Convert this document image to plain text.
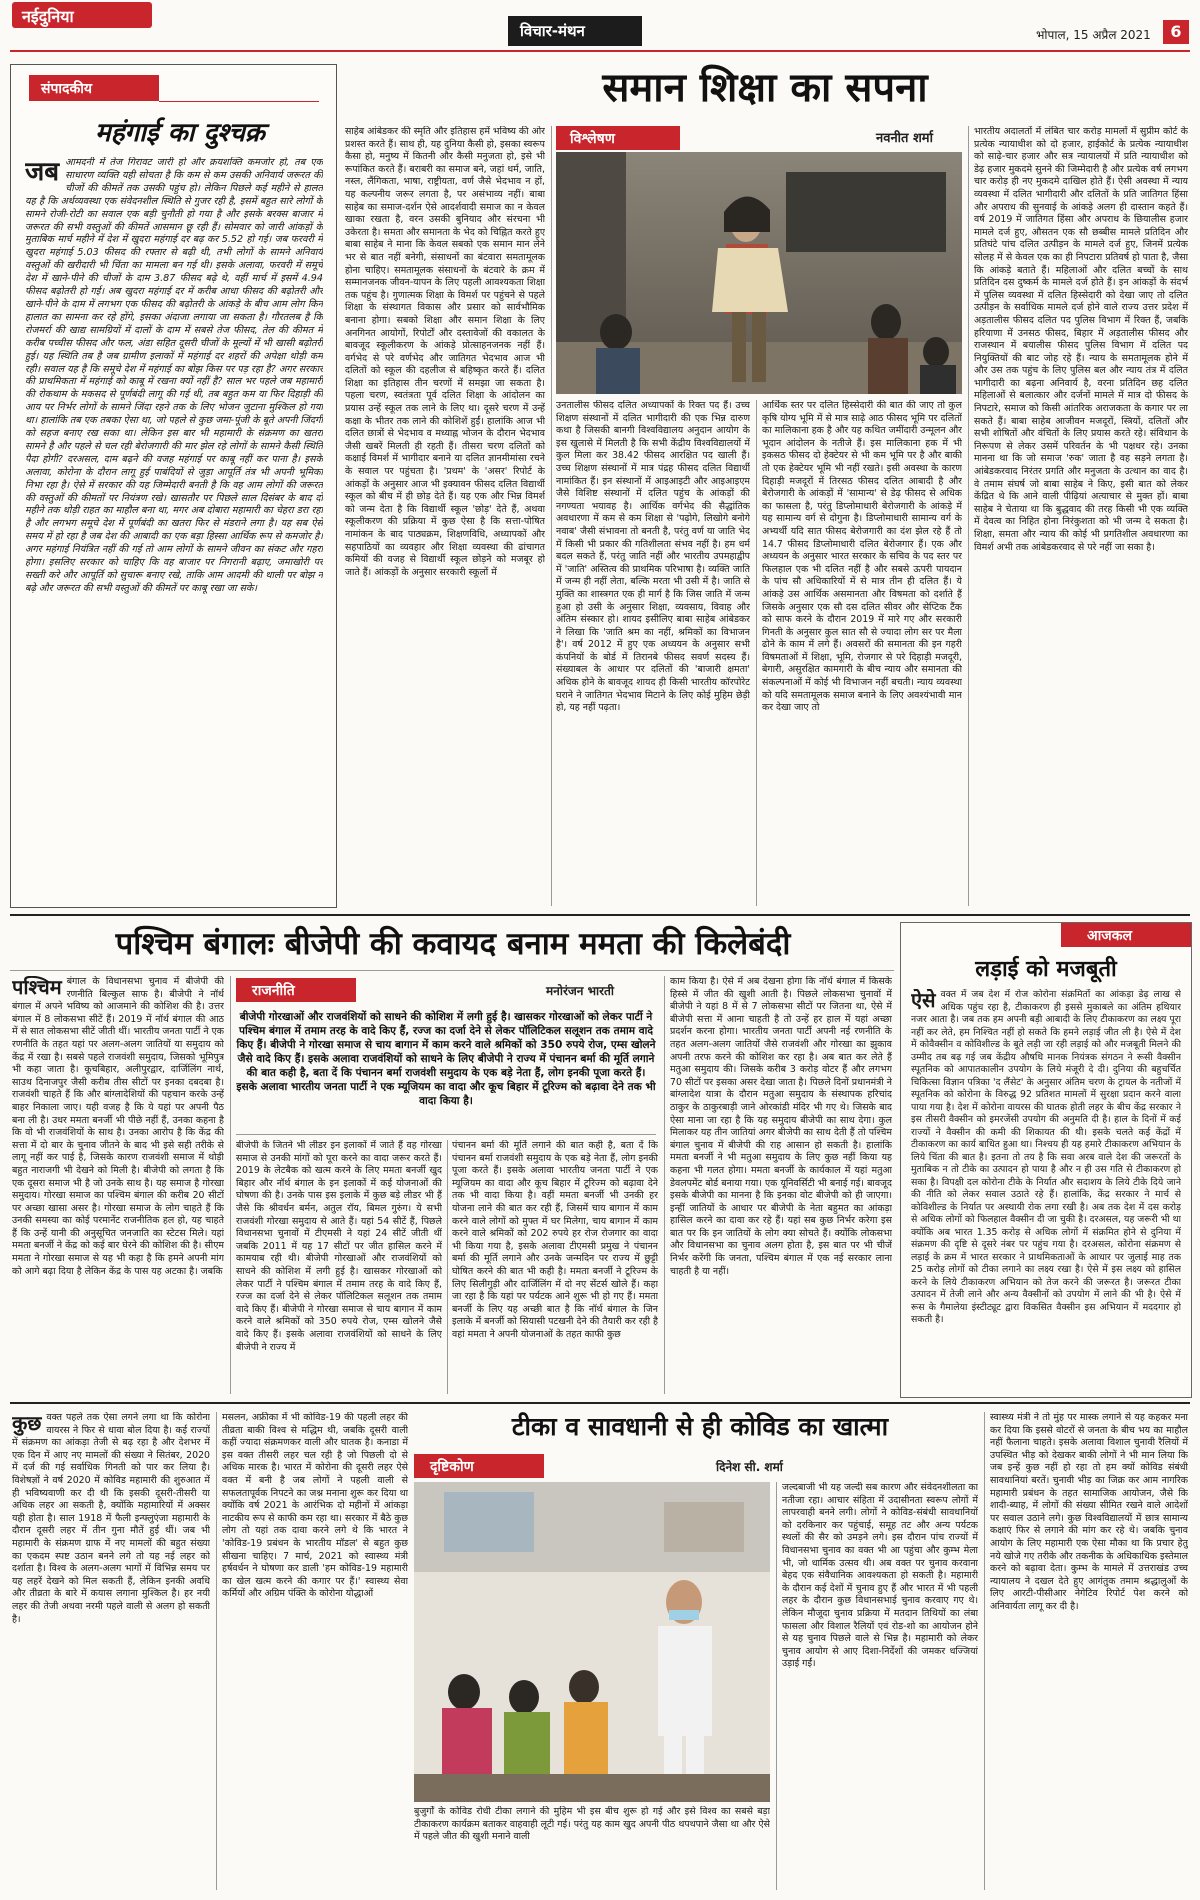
नईदुनिया
विचार-मंथन	भोपाल, 15 अप्रैल 2021	6
संपादकीय
महंगाई का दुश्चक्र
जब आमदनी में तेज गिरावट जारी हो और क्रयशक्ति कमजोर हो, तब एक साधारण व्यक्ति यही सोचता है कि कम से कम उसकी अनिवार्य जरूरत की चीजों की कीमतें तक उसकी पहुंच हो। लेकिन पिछले कई महीने से हालत यह है कि अर्थव्यवस्था एक संवेदनशील स्थिति से गुजर रही है, इसमें बहुत सारे लोगों के सामने रोजी-रोटी का सवाल एक बड़ी चुनौती हो गया है और इसके बरक्स बाजार में जरूरत की सभी वस्तुओं की कीमतें आसमान छू रही हैं। सोमवार को जारी आंकड़ों के मुताबिक मार्च महीने में देश में खुदरा महंगाई दर बढ़ कर 5.52 हो गई। जब फरवरी में खुदरा महंगाई 5.03 फीसद की रफ्तार से बढ़ी थी, तभी लोगों के सामने अनिवार्य वस्तुओं की खरीदारी भी चिंता का मामला बन गई थी। इसके अलावा, फरवरी में समूचे देश में खाने-पीने की चीजों के दाम 3.87 फीसद बढ़े थे, वहीं मार्च में इसमें 4.94 फीसद बढ़ोतरी हो गई। अब खुदरा महंगाई दर में करीब आधा फीसद की बढ़ोतरी और खाने-पीने के दाम में लगभग एक फीसद की बढ़ोतरी के आंकड़े के बीच आम लोग किन हालात का सामना कर रहे होंगे, इसका अंदाजा लगाया जा सकता है। गौरतलब है कि रोजमर्रा की खाद्य सामग्रियों में दालों के दाम में सबसे तेज फीसद, तेल की कीमत में करीब पच्चीस फीसद और फल, अंडा सहित दूसरी चीजों के मूल्यों में भी खासी बढ़ोतरी हुई। यह स्थिति तब है जब ग्रामीण इलाकों में महंगाई दर शहरों की अपेक्षा थोड़ी कम रही। सवाल यह है कि समूचे देश में महंगाई का बोझ किस पर पड़ रहा है? अगर सरकार की प्राथमिकता में महंगाई को काबू में रखना क्यों नहीं है? साल भर पहले जब महामारी की रोकथाम के मकसद से पूर्णबंदी लागू की गई थी, तब बहुत कम या फिर दिहाड़ी की आय पर निर्भर लोगों के सामने जिंदा रहने तक के लिए भोजन जुटाना मुश्किल हो गया था। हालांकि तब एक तबका ऐसा था, जो पहले से कुछ जमा-पूंजी के बूते अपनी जिंदगी को सहज बनाए रख सका था। लेकिन इस बार भी महामारी के संक्रमण का खतरा सामने है और पहले से चल रही बेरोजगारी की मार झेल रहे लोगों के सामने कैसी स्थिति पैदा होगी? दरअसल, दाम बढ़ने की वजह महंगाई पर काबू नहीं कर पाना है। इसके अलावा, कोरोना के दौरान लागू हुई पाबंदियों से जुड़ा आपूर्ति तंत्र भी अपनी भूमिका निभा रहा है। ऐसे में सरकार की यह जिम्मेदारी बनती है कि वह आम लोगों की जरूरत की वस्तुओं की कीमतों पर नियंत्रण रखे। खासतौर पर पिछले साल दिसंबर के बाद दो महीने तक थोड़ी राहत का माहौल बना था, मगर अब दोबारा महामारी का चेहरा डरा रहा है और लगभग समूचे देश में पूर्णबंदी का खतरा फिर से मंडराने लगा है। यह सब ऐसे समय में हो रहा है जब देश की आबादी का एक बड़ा हिस्सा आर्थिक रूप से कमजोर है। अगर महंगाई नियंत्रित नहीं की गई तो आम लोगों के सामने जीवन का संकट और गहरा होगा। इसलिए सरकार को चाहिए कि वह बाजार पर निगरानी बढ़ाए, जमाखोरी पर सख्ती करे और आपूर्ति को सुचारू बनाए रखे, ताकि आम आदमी की थाली पर बोझ न बढ़े और जरूरत की सभी वस्तुओं की कीमतें पर काबू रखा जा सके।
समान शिक्षा का सपना
विश्लेषण	नवनीत शर्मा
साहेब आंबेडकर की स्मृति और इतिहास हमें भविष्य की ओर प्रशस्त करते हैं। साथ ही, यह दुनिया कैसी हो, इसका स्वरूप कैसा हो, मनुष्य में कितनी और कैसी मनुजता हो, इसे भी रूपांकित करते हैं। बराबरी का समाज बने, जहां धर्म, जाति, नस्ल, लैंगिकता, भाषा, राष्ट्रीयता, वर्ण जैसे भेदभाव न हों, यह कल्पनीय जरूर लगता है, पर असंभाव्य नहीं। बाबा साहेब का समाज-दर्शन ऐसे आदर्शवादी समाज का न केवल खाका रखता है, वरन उसकी बुनियाद और संरचना भी उकेरता है। समता और समानता के भेद को चिह्नित करते हुए बाबा साहेब ने माना कि केवल सबको एक समान मान लेने भर से बात नहीं बनेगी, संसाधनों का बंटवारा समतामूलक होना चाहिए। समतामूलक संसाधनों के बंटवारे के क्रम में सम्मानजनक जीवन-यापन के लिए पहली आवश्यकता शिक्षा तक पहुंच है। गुणात्मक शिक्षा के विमर्श पर पहुंचने से पहले शिक्षा के संस्थागत विकास और प्रसार को सार्वभौमिक बनाना होगा। सबको शिक्षा और समान शिक्षा के लिए अनगिनत आयोगों, रिपोर्टों और दस्तावेजों की वकालत के बावजूद स्कूलीकरण के आंकड़े प्रोत्साहनजनक नहीं हैं। वर्गभेद से परे वर्णभेद और जातिगत भेदभाव आज भी दलितों को स्कूल की दहलीज से बहिष्कृत करते हैं। दलित शिक्षा का इतिहास तीन चरणों में समझा जा सकता है। पहला चरण, स्वतंत्रता पूर्व दलित शिक्षा के आंदोलन का प्रयास उन्हें स्कूल तक लाने के लिए था। दूसरे चरण में उन्हें कक्षा के भीतर तक लाने की कोशिशें हुईं। हालांकि आज भी दलित छात्रों से भेदभाव व मध्याह्न भोजन के दौरान भेदभाव जैसी खबरें मिलती ही रहती हैं। तीसरा चरण दलितों को कक्षाई विमर्श में भागीदार बनाने या दलित ज्ञानमीमांसा रचने के सवाल पर पहुंचता है। 'प्रथम' के 'असर' रिपोर्ट के आंकड़ों के अनुसार आज भी इक्यावन फीसद दलित विद्यार्थी स्कूल को बीच में ही छोड़ देते हैं। यह एक और भिन्न विमर्श को जन्म देता है कि विद्यार्थी स्कूल 'छोड़' देते हैं, अथवा स्कूलीकरण की प्रक्रिया में कुछ ऐसा है कि सत्ता-पोषित नामांकन के बाद पाठ्यक्रम, शिक्षणविधि, अध्यापकों और सहपाठियों का व्यवहार और शिक्षा व्यवस्था की ढांचागत कमियों की वजह से विद्यार्थी स्कूल छोड़ने को मजबूर हो जाते हैं। आंकड़ों के अनुसार सरकारी स्कूलों में
उनतालीस फीसद दलित अध्यापकों के रिक्त पद हैं। उच्च शिक्षण संस्थानों में दलित भागीदारी की एक भिन्न दारुण कथा है जिसकी बानगी विश्वविद्यालय अनुदान आयोग के इस खुलासे में मिलती है कि सभी केंद्रीय विश्वविद्यालयों में कुल मिला कर 38.42 फीसद आरक्षित पद खाली हैं। उच्च शिक्षण संस्थानों में मात्र पंद्रह फीसद दलित विद्यार्थी नामांकित हैं। इन संस्थानों में आइआइटी और आइआइएम जैसे विशिष्ट संस्थानों में दलित पहुंच के आंकड़ों की नगण्यता भयावह है। आर्थिक वर्गभेद की सैद्धांतिक अवधारणा में कम से कम शिक्षा से 'पढ़ोगे, लिखोगे बनोगे नवाब' जैसी संभावना तो बनती है, परंतु वर्ण या जाति भेद में किसी भी प्रकार की गतिशीलता संभव नहीं है। हम धर्म बदल सकते हैं, परंतु जाति नहीं और भारतीय उपमहाद्वीप में 'जाति' अस्तित्व की प्राथमिक परिभाषा है। व्यक्ति जाति में जन्म ही नहीं लेता, बल्कि मरता भी उसी में है। जाति से मुक्ति का शास्त्रगत एक ही मार्ग है कि जिस जाति में जन्म हुआ हो उसी के अनुसार शिक्षा, व्यवसाय, विवाह और अंतिम संस्कार हो। शायद इसीलिए बाबा साहेब आंबेडकर ने लिखा कि 'जाति श्रम का नहीं, श्रमिकों का विभाजन है'। वर्ष 2012 में हुए एक अध्ययन के अनुसार सभी कंपनियों के बोर्ड में तिरानबे फीसद सवर्ण सदस्य हैं। संख्याबल के आधार पर दलितों की 'बाजारी क्षमता' अधिक होने के बावजूद शायद ही किसी भारतीय कॉरपोरेट घराने ने जातिगत भेदभाव मिटाने के लिए कोई मुहिम छेड़ी हो, यह नहीं पढ़ता।
आर्थिक स्तर पर दलित हिस्सेदारी की बात की जाए तो कुल कृषि योग्य भूमि में से मात्र साढ़े आठ फीसद भूमि पर दलितों का मालिकाना हक है और यह कथित जमींदारी उन्मूलन और भूदान आंदोलन के नतीजे हैं। इस मालिकाना हक में भी इकसठ फीसद दो हेक्टेयर से भी कम भूमि पर है और बाकी तो एक हेक्टेयर भूमि भी नहीं रखते। इसी अवस्था के कारण दिहाड़ी मजदूरों में तिरसठ फीसद दलित आबादी है और बेरोजगारी के आंकड़ों में 'सामान्य' से डेढ़ फीसद से अधिक का फासला है, परंतु डिप्लोमाधारी बेरोजगारी के आंकड़े में यह सामान्य वर्ग से दोगुना है। डिप्लोमाधारी सामान्य वर्ग के अभ्यर्थी यदि सात फीसद बेरोजगारी का दंश झेल रहे हैं तो 14.7 फीसद डिप्लोमाधारी दलित बेरोजगार हैं। एक और अध्ययन के अनुसार भारत सरकार के सचिव के पद स्तर पर फिलहाल एक भी दलित नहीं है और सबसे ऊपरी पायदान के पांच सौ अधिकारियों में से मात्र तीन ही दलित हैं। ये आंकड़े उस आर्थिक असमानता और विषमता को दर्शाते हैं जिसके अनुसार एक सौ दस दलित सीवर और सेप्टिक टैंक को साफ करने के दौरान 2019 में मारे गए और सरकारी गिनती के अनुसार कुल सात सौ से ज्यादा लोग सर पर मैला ढोने के काम में लगे हैं। अवसरों की समानता की इन गहरी विषमताओं में शिक्षा, भूमि, रोजगार से परे दिहाड़ी मजदूरी, बेगारी, असुरक्षित कामगारी के बीच न्याय और समानता की संकल्पनाओं में कोई भी विभाजन नहीं बचती। न्याय व्यवस्था को यदि समतामूलक समाज बनाने के लिए अवश्यंभावी मान कर देखा जाए तो
भारतीय अदालतों में लंबित चार करोड़ मामलों में सुप्रीम कोर्ट के प्रत्येक न्यायाधीश को दो हजार, हाईकोर्ट के प्रत्येक न्यायाधीश को साढ़े-चार हजार और सत्र न्यायालयों में प्रति न्यायाधीश को डेढ़ हजार मुकदमे सुनने की जिम्मेदारी है और प्रत्येक वर्ष लगभग चार करोड़ ही नए मुकदमे दाखिल होते हैं। ऐसी अवस्था में न्याय व्यवस्था में दलित भागीदारी और दलितों के प्रति जातिगत हिंसा और अपराध की सुनवाई के आंकड़े अलग ही दास्तान कहते हैं। वर्ष 2019 में जातिगत हिंसा और अपराध के छियालीस हजार मामले दर्ज हुए, औसतन एक सौ छब्बीस मामले प्रतिदिन और प्रतिघंटे पांच दलित उत्पीड़न के मामले दर्ज हुए, जिनमें प्रत्येक सोलह में से केवल एक का ही निपटारा प्रतिवर्ष हो पाता है, जैसा कि आंकड़े बताते हैं। महिलाओं और दलित बच्चों के साथ प्रतिदिन दस दुष्कर्म के मामले दर्ज होते हैं। इन आंकड़ों के संदर्भ में पुलिस व्यवस्था में दलित हिस्सेदारी को देखा जाए तो दलित उत्पीड़न के सर्वाधिक मामले दर्ज होने वाले राज्य उत्तर प्रदेश में अड़तालीस फीसद दलित पद पुलिस विभाग में रिक्त हैं, जबकि हरियाणा में उनसठ फीसद, बिहार में अड़तालीस फीसद और राजस्थान में बयालीस फीसद पुलिस विभाग में दलित पद नियुक्तियों की बाट जोह रहे हैं। न्याय के समतामूलक होने में और उस तक पहुंच के लिए पुलिस बल और न्याय तंत्र में दलित भागीदारी का बढ़ना अनिवार्य है, वरना प्रतिदिन छह दलित महिलाओं से बलात्कार और दर्जनों मामले में मात्र दो फीसद के निपटारे, समाज को किसी आंतरिक अराजकता के कगार पर ला सकते हैं। बाबा साहेब आजीवन मजदूरों, स्त्रियों, दलितों और सभी शोषितों और वंचितों के लिए प्रयास करते रहे। संविधान के निरूपण से लेकर उसमें परिवर्तन के भी पक्षधर रहे। उनका मानना था कि जो समाज 'रुक' जाता है वह सड़ने लगता है। आंबेडकरवाद निरंतर प्रगति और मनुजता के उत्थान का वाद है। वे तमाम संघर्ष जो बाबा साहेब ने किए, इसी बात को लेकर केंद्रित थे कि आने वाली पीढ़ियां अत्याचार से मुक्त हों। बाबा साहेब ने चेताया था कि बुद्धवाद की तरह किसी भी एक व्यक्ति में देवत्व का निहित होना निरंकुशता को भी जन्म दे सकता है। शिक्षा, समता और न्याय की कोई भी प्रगतिशील अवधारणा का विमर्श अभी तक आंबेडकरवाद से परे नहीं जा सका है।
पश्चिम बंगालः बीजेपी की कवायद बनाम ममता की किलेबंदी
पश्चिम बंगाल के विधानसभा चुनाव में बीजेपी की रणनीति बिल्कुल साफ है। बीजेपी ने नॉर्थ बंगाल में अपने भविष्य को आजमाने की कोशिश की है। उत्तर बंगाल में 8 लोकसभा सीटें हैं। 2019 में नॉर्थ बंगाल की आठ में से सात लोकसभा सीटें जीती थीं। भारतीय जनता पार्टी ने एक रणनीति के तहत यहां पर अलग-अलग जातियों या समुदाय को केंद्र में रखा है। सबसे पहले राजवंशी समुदाय, जिसको भूमिपुत्र भी कहा जाता है। कूचबिहार, अलीपुरद्वार, दार्जिलिंग नार्थ, साउथ दिनाजपुर जैसी करीब तीस सीटों पर इनका दबदबा है। राजवंशी चाहते हैं कि और बांग्लादेशियों की पहचान करके उन्हें बाहर निकाला जाए। यही वजह है कि ये यहां पर अपनी पैठ बना ली है। उधर ममता बनर्जी भी पीछे नहीं हैं, उनका कहना है कि वो भी राजवंशियों के साथ है। उनका आरोप है कि केंद्र की सत्ता में दो बार के चुनाव जीतने के बाद भी इसे सही तरीके से लागू नहीं कर पाई है, जिसके कारण राजवंशी समाज में थोड़ी बहुत नाराजगी भी देखने को मिली है। बीजेपी को लगता है कि एक दूसरा समाज भी है जो उनके साथ है। यह समाज है गोरखा समुदाय। गोरखा समाज का पश्चिम बंगाल की करीब 20 सीटों पर अच्छा खासा असर है। गोरखा समाज के लोग चाहते हैं कि उनकी समस्या का कोई परमानेंट राजनीतिक हल हो, यह चाहते हैं कि उन्हें यानी की अनुसूचित जनजाति का स्टेटस मिले। यहां ममता बनर्जी ने केंद्र को कई बार घेरने की कोशिश की है। सीएम ममता ने गोरखा समाज से यह भी कहा है कि हमने अपनी मांग को आगे बढ़ा दिया है लेकिन केंद्र के पास यह अटका है। जबकि
राजनीति	मनोरंजन भारती
बीजेपी गोरखाओं और राजवंशियों को साधने की कोशिश में लगी हुई है। खासकर गोरखाओं को लेकर पार्टी ने पश्चिम बंगाल में तमाम तरह के वादे किए हैं, रज्ज का दर्जा देने से लेकर पॉलिटिकल सलूशन तक तमाम वादे किए हैं। बीजेपी ने गोरखा समाज से चाय बागान में काम करने वाले श्रमिकों को 350 रुपये रोज, एम्स खोलने जैसे वादे किए हैं। इसके अलावा राजवंशियों को साधने के लिए बीजेपी ने राज्य में पंचानन बर्मा की मूर्ति लगाने की बात कही है, बता दें कि पंचानन बर्मा राजवंशी समुदाय के एक बड़े नेता हैं, लोग इनकी पूजा करते हैं। इसके अलावा भारतीय जनता पार्टी ने एक म्यूजियम का वादा और कूच बिहार में टूरिज्म को बढ़ावा देने तक भी वादा किया है।
बीजेपी के जितने भी लीडर इन इलाकों में जाते हैं वह गोरखा समाज से उनकी मांगों को पूरा करने का वादा जरूर करते हैं। 2019 के लेटबैक को खत्म करने के लिए ममता बनर्जी खुद बिहार और नॉर्थ बंगाल के इन इलाकों में कई योजनाओं की घोषणा की है। उनके पास इस इलाके में कुछ बड़े लीडर भी हैं जैसे कि श्रीवर्धन बर्मन, अतुल रॉय, बिमल गुरुंग। ये सभी राजवंशी गोरखा समुदाय से आते हैं। यहां 54 सीटें हैं, पिछले विधानसभा चुनावों में टीएमसी ने यहां 24 सीटें जीती थीं जबकि 2011 में यह 17 सीटों पर जीत हासिल करने में कामयाब रही थी। बीजेपी गोरखाओं और राजवंशियों को साधने की कोशिश में लगी हुई है। खासकर गोरखाओं को लेकर पार्टी ने पश्चिम बंगाल में तमाम तरह के वादे किए हैं, रज्ज का दर्जा देने से लेकर पॉलिटिकल सलूशन तक तमाम वादे किए हैं। बीजेपी ने गोरखा समाज से चाय बागान में काम करने वाले श्रमिकों को 350 रुपये रोज, एम्स खोलने जैसे वादे किए हैं। इसके अलावा राजवंशियों को साधने के लिए बीजेपी ने राज्य में
पंचानन बर्मा की मूर्ति लगाने की बात कही है, बता दें कि पंचानन बर्मा राजवंशी समुदाय के एक बड़े नेता हैं, लोग इनकी पूजा करते हैं। इसके अलावा भारतीय जनता पार्टी ने एक म्यूजियम का वादा और कूच बिहार में टूरिज्म को बढ़ावा देने तक भी वादा किया है। वहीं ममता बनर्जी भी उनकी हर योजना लाने की बात कर रही हैं, जिसमें चाय बागान में काम करने वाले लोगों को मुफ्त में घर मिलेगा, चाय बागान में काम करने वाले श्रमिकों को 202 रुपये हर रोज रोजगार का वादा भी किया गया है, इसके अलावा टीएमसी प्रमुख ने पंचानन बर्मा की मूर्ति लगाने और उनके जन्मदिन पर राज्य में छुट्टी घोषित करने की बात भी कही है। ममता बनर्जी ने टूरिज्म के लिए सिलीगुड़ी और दार्जिलिंग में दो नए सेंटर्स खोले हैं। कहा जा रहा है कि यहां पर पर्यटक आने शुरू भी हो गए हैं। ममता बनर्जी के लिए यह अच्छी बात है कि नॉर्थ बंगाल के जिन इलाके में बनर्जी को सियासी पटखनी देने की तैयारी कर रही है वहां ममता ने अपनी योजनाओं के तहत काफी कुछ
काम किया है। ऐसे में अब देखना होगा कि नॉर्थ बंगाल में किसके हिस्से में जीत की खुशी आती है। पिछले लोकसभा चुनावों में बीजेपी ने यहां 8 में से 7 लोकसभा सीटों पर जितना था, ऐसे में बीजेपी सत्ता में आना चाहती है तो उन्हें हर हाल में यहां अच्छा प्रदर्शन करना होगा। भारतीय जनता पार्टी अपनी नई रणनीति के तहत अलग-अलग जातियों जैसे राजवंशी और गोरखा का झुकाव अपनी तरफ करने की कोशिश कर रहा है। अब बात कर लेते हैं मतुआ समुदाय की। जिसके करीब 3 करोड़ वोटर हैं और लगभग 70 सीटों पर इसका असर देखा जाता है। पिछले दिनों प्रधानमंत्री ने बांग्लादेश यात्रा के दौरान मतुआ समुदाय के संस्थापक हरिचांद ठाकुर के ठाकुरबाड़ी जाने ओरकांडी मंदिर भी गए थे। जिसके बाद ऐसा माना जा रहा है कि यह समुदाय बीजेपी का साथ देगा। कुल मिलाकर यह तीन जातियां अगर बीजेपी का साथ देती हैं तो पश्चिम बंगाल चुनाव में बीजेपी की राह आसान हो सकती है। हालांकि ममता बनर्जी ने भी मतुआ समुदाय के लिए कुछ नहीं किया यह कहना भी गलत होगा। ममता बनर्जी के कार्यकाल में यहां मतुआ डेवलपमेंट बोर्ड बनाया गया। एक यूनिवर्सिटी भी बनाई गई। बावजूद इसके बीजेपी का मानना है कि इनका वोट बीजेपी को ही जाएगा। इन्हीं जातियों के आधार पर बीजेपी के नेता बहुमत का आंकड़ा हासिल करने का दावा कर रहे हैं। यहां सब कुछ निर्भर करेगा इस बात पर कि इन जातियों के लोग क्या सोचते हैं। क्योंकि लोकसभा और विधानसभा का चुनाव अलग होता है, इस बात पर भी चीजें निर्भर करेंगी कि जनता, पश्चिम बंगाल में एक नई सरकार लाना चाहती है या नहीं।
आजकल
लड़ाई को मजबूती
ऐसे वक्त में जब देश में रोज कोरोना संक्रमितों का आंकड़ा डेढ़ लाख से अधिक पहुंच रहा है, टीकाकरण ही इससे मुकाबले का अंतिम हथियार नजर आता है। जब तक हम अपनी बड़ी आबादी के लिए टीकाकरण का लक्ष्य पूरा नहीं कर लेते, हम निश्चित नहीं हो सकते कि हमने लड़ाई जीत ली है। ऐसे में देश में कोवैक्सीन व कोविशील्ड के बूते लड़ी जा रही लड़ाई को और मजबूती मिलने की उम्मीद तब बढ़ गई जब केंद्रीय औषधि मानक नियंत्रक संगठन ने रूसी वैक्सीन स्पूतनिक को आपातकालीन उपयोग के लिये मंजूरी दे दी। दुनिया की बहुचर्चित चिकित्सा विज्ञान पत्रिका 'द लैंसेट' के अनुसार अंतिम चरण के ट्रायल के नतीजों में स्पूतनिक को कोरोना के विरुद्ध 92 प्रतिशत मामलों में सुरक्षा प्रदान करने वाला पाया गया है। देश में कोरोना वायरस की घातक होती लहर के बीच केंद्र सरकार ने इस तीसरी वैक्सीन को इमरजेंसी उपयोग की अनुमति दी है। हाल के दिनों में कई राज्यों ने वैक्सीन की कमी की शिकायत की थी। इसके चलते कई केंद्रों में टीकाकरण का कार्य बाधित हुआ था। निश्चय ही यह हमारे टीकाकरण अभियान के लिये चिंता की बात है। इतना तो तय है कि सवा अरब वाले देश की जरूरतों के मुताबिक न तो टीके का उत्पादन हो पाया है और न ही उस गति से टीकाकरण हो सका है। विपक्षी दल कोरोना टीके के निर्यात और सदाशय के लिये टीके दिये जाने की नीति को लेकर सवाल उठाते रहे हैं। हालांकि, केंद्र सरकार ने मार्च से कोविशील्ड के निर्यात पर अस्थायी रोक लगा रखी है। अब तक देश में दस करोड़ से अधिक लोगों को फिलहाल वैक्सीन दी जा चुकी है। दरअसल, यह जरूरी भी था क्योंकि अब भारत 1.35 करोड़ से अधिक लोगों में संक्रमित होने से दुनिया में संक्रमण की दृष्टि से दूसरे नंबर पर पहुंच गया है। दरअसल, कोरोना संक्रमण से लड़ाई के क्रम में भारत सरकार ने प्राथमिकताओं के आधार पर जुलाई माह तक 25 करोड़ लोगों को टीका लगाने का लक्ष्य रखा है। ऐसे में इस लक्ष्य को हासिल करने के लिये टीकाकरण अभियान को तेज करने की जरूरत है। जरूरत टीका उत्पादन में तेजी लाने और अन्य वैक्सीनों को उपयोग में लाने की भी है। ऐसे में रूस के गैमालेया इंस्टीट्यूट द्वारा विकसित वैक्सीन इस अभियान में मददगार हो सकती है।
कुछ वक्त पहले तक ऐसा लगने लगा था कि कोरोना वायरस ने फिर से धावा बोल दिया है। कई राज्यों में संक्रमण का आंकड़ा तेजी से बढ़ रहा है और देशभर में एक दिन में आए नए मामलों की संख्या ने सितंबर, 2020 में दर्ज की गई सर्वाधिक गिनती को पार कर लिया है। विशेषज्ञों ने वर्ष 2020 में कोविड महामारी की शुरुआत में ही भविष्यवाणी कर दी थी कि इसकी दूसरी-तीसरी या अधिक लहर आ सकती है, क्योंकि महामारियों में अक्सर यही होता है। साल 1918 में फैली इन्फ्लुएंजा महामारी के दौरान दूसरी लहर में तीन गुना मौतें हुई थीं। जब भी महामारी के संक्रमण ग्राफ में नए मामलों की बहुत संख्या का एकदम स्पष्ट उठान बनने लगे तो यह नई लहर को दर्शाता है। विश्व के अलग-अलग भागों में विभिन्न समय पर यह लहरें देखने को मिल सकती हैं, लेकिन इनकी अवधि और तीव्रता के बारे में कयास लगाना मुश्किल है। हर नयी लहर की तेजी अथवा नरमी पहले वाली से अलग हो सकती है।
मसलन, अफ्रीका में भी कोविड-19 की पहली लहर की तीव्रता बाकी विश्व से मद्धिम थी, जबकि दूसरी वाली कहीं ज्यादा संक्रमणकर वाली और घातक है। कनाडा में इस वक्त तीसरी लहर चल रही है जो पिछली दो से अधिक मारक है। भारत में कोरोना की दूसरी लहर ऐसे वक्त में बनी है जब लोगों ने पहली वाली से सफलतापूर्वक निपटने का जश्न मनाना शुरू कर दिया था क्योंकि वर्ष 2021 के आरंभिक दो महीनों में आंकड़ा नाटकीय रूप से काफी कम रहा था। सरकार में बैठे कुछ लोग तो यहां तक दावा करने लगे थे कि भारत ने 'कोविड-19 प्रबंधन के भारतीय मॉडल' से बहुत कुछ सीखना चाहिए। 7 मार्च, 2021 को स्वास्थ्य मंत्री हर्षवर्धन ने घोषणा कर डाली 'हम कोविड-19 महामारी का खेल खत्म करने की कगार पर हैं।' स्वास्थ्य सेवा कर्मियों और अग्रिम पंक्ति के कोरोना योद्धाओं
टीका व सावधानी से ही कोविड का खात्मा
दृष्टिकोण	दिनेश सी. शर्मा
बुजुर्गों के कोविड रोधी टीका लगाने की मुहिम भी इस बीच शुरू हो गई और इसे विश्व का सबसे बड़ा टीकाकरण कार्यक्रम बताकर वाहवाही लूटी गई। परंतु यह काम खुद अपनी पीठ थपथपाने जैसा था और ऐसे में पहले जीत की खुशी मनाने वाली
जल्दबाजी भी यह जल्दी सब कारण और संवेदनशीलता का नतीजा रहा। आचार संहिता में उदासीनता स्वरूप लोगों में लापरवाही बनने लगी। लोगों ने कोविड-संबंधी सावधानियों को दरकिनार कर पहुंचाई, समूह तट और अन्य पर्यटक स्थलों की सैर को उमड़ने लगे। इस दौरान पांच राज्यों में विधानसभा चुनाव का वक्त भी आ पहुंचा और कुम्भ मेला भी, जो धार्मिक उत्सव थी। अब वक्त पर चुनाव करवाना बेहद एक संवैधानिक आवश्यकता हो सकती है। महामारी के दौरान कई देशों में चुनाव हुए हैं और भारत में भी पहली लहर के दौरान कुछ विधानसभाई चुनाव करवाए गए थे। लेकिन मौजूदा चुनाव प्रक्रिया में मतदान तिथियों का लंबा फासला और विशाल रैलियों एवं रोड-शो का आयोजन होने से यह चुनाव पिछले वाले से भिन्न है। महामारी को लेकर चुनाव आयोग से आए दिशा-निर्देशों की जमकर धज्जियां उड़ाई गईं।
स्वास्थ्य मंत्री ने तो मुंह पर मास्क लगाने से यह कहकर मना कर दिया कि इससे वोटरों से जनता के बीच भय का माहौल नहीं फैलाना चाहते। इसके अलावा विशाल चुनावी रैलियों में उपस्थित भीड़ को देखकर बाकी लोगों ने भी मान लिया कि जब इन्हें कुछ नहीं हो रहा तो हम क्यों कोविड संबंधी सावधानियां बरतें। चुनावी भीड़ का जिक्र कर आम नागरिक महामारी प्रबंधन के तहत सामाजिक आयोजन, जैसे कि शादी-ब्याह, में लोगों की संख्या सीमित रखने वाले आदेशों पर सवाल उठाने लगे। कुछ विश्वविद्यालयों में छात्र सामान्य कक्षाएं फिर से लगाने की मांग कर रहे थे। जबकि चुनाव आयोग के लिए महामारी एक ऐसा मौका था कि प्रचार हेतु नये खोजे गए तरीके और तकनीक के अधिकाधिक इस्तेमाल करने को बढ़ावा देता। कुम्भ के मामले में उत्तराखंड उच्च न्यायालय ने दखल देते हुए आगंतुक तमाम श्रद्धालुओं के लिए आरटी-पीसीआर नेगेटिव रिपोर्ट पेश करने को अनिवार्यता लागू कर दी है।
